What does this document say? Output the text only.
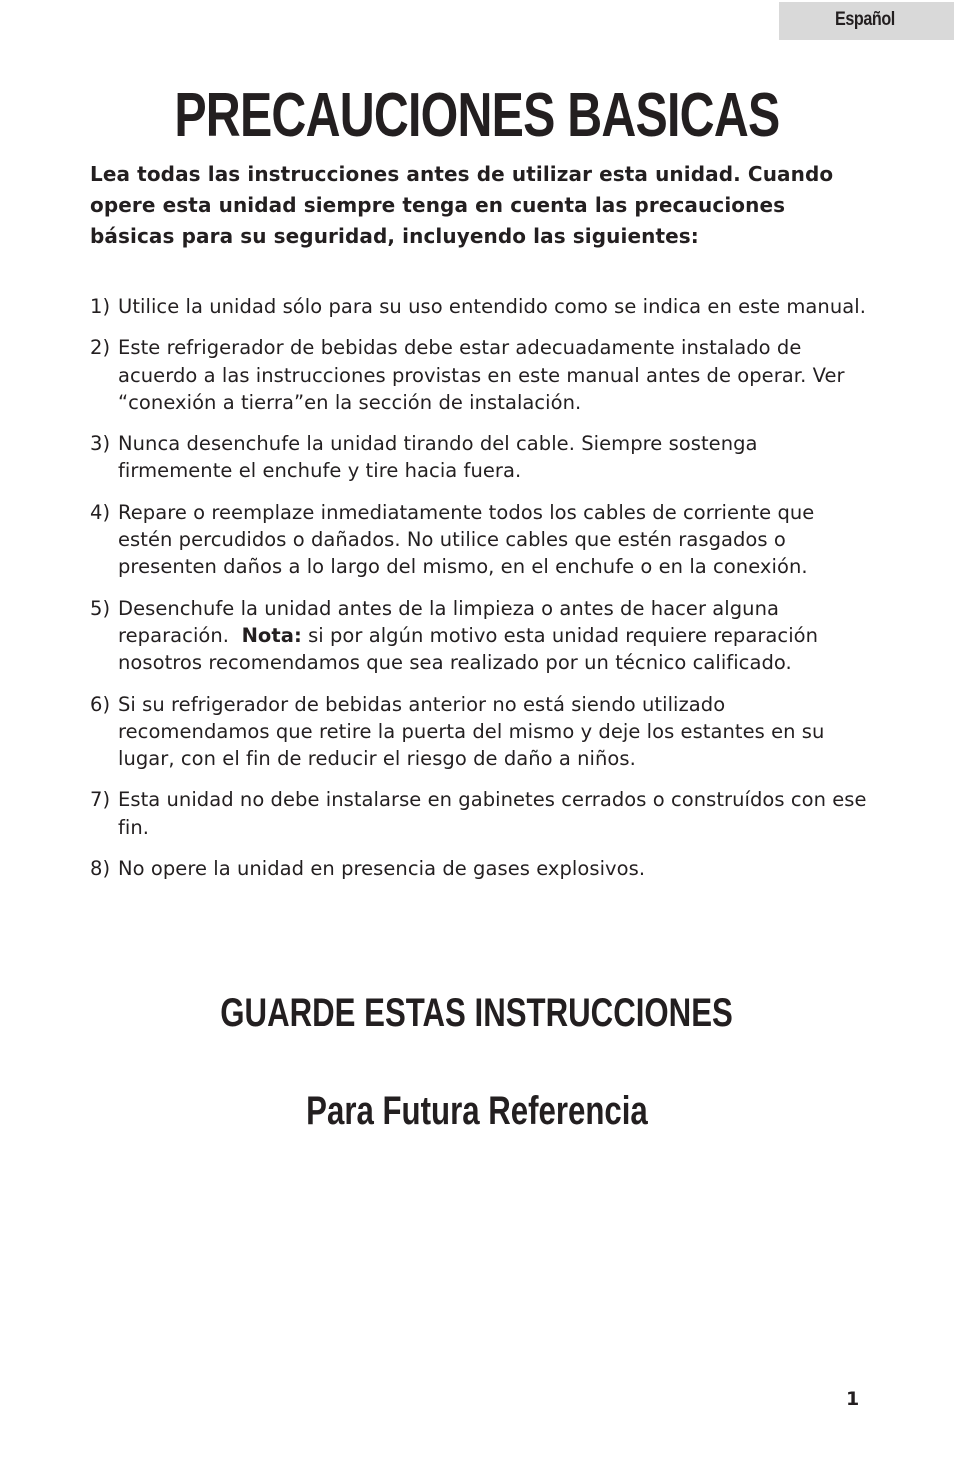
Español
PRECAUCIONES BASICAS

Lea todas las instrucciones antes de utilizar esta unidad. Cuando opere esta unidad siempre tenga en cuenta las precauciones básicas para su seguridad, incluyendo las siguientes:

1) Utilice la unidad sólo para su uso entendido como se indica en este manual.
2) Este refrigerador de bebidas debe estar adecuadamente instalado de acuerdo a las instrucciones provistas en este manual antes de operar. Ver “conexión a tierra”en la sección de instalación.
3) Nunca desenchufe la unidad tirando del cable. Siempre sostenga firmemente el enchufe y tire hacia fuera.
4) Repare o reemplaze inmediatamente todos los cables de corriente que estén percudidos o dañados. No utilice cables que estén rasgados o presenten daños a lo largo del mismo, en el enchufe o en la conexión.
5) Desenchufe la unidad antes de la limpieza o antes de hacer alguna reparación. Nota: si por algún motivo esta unidad requiere reparación nosotros recomendamos que sea realizado por un técnico calificado.
6) Si su refrigerador de bebidas anterior no está siendo utilizado recomendamos que retire la puerta del mismo y deje los estantes en su lugar, con el fin de reducir el riesgo de daño a niños.
7) Esta unidad no debe instalarse en gabinetes cerrados o construídos con ese fin.
8) No opere la unidad en presencia de gases explosivos.
GUARDE ESTAS INSTRUCCIONES
Para Futura Referencia
1
